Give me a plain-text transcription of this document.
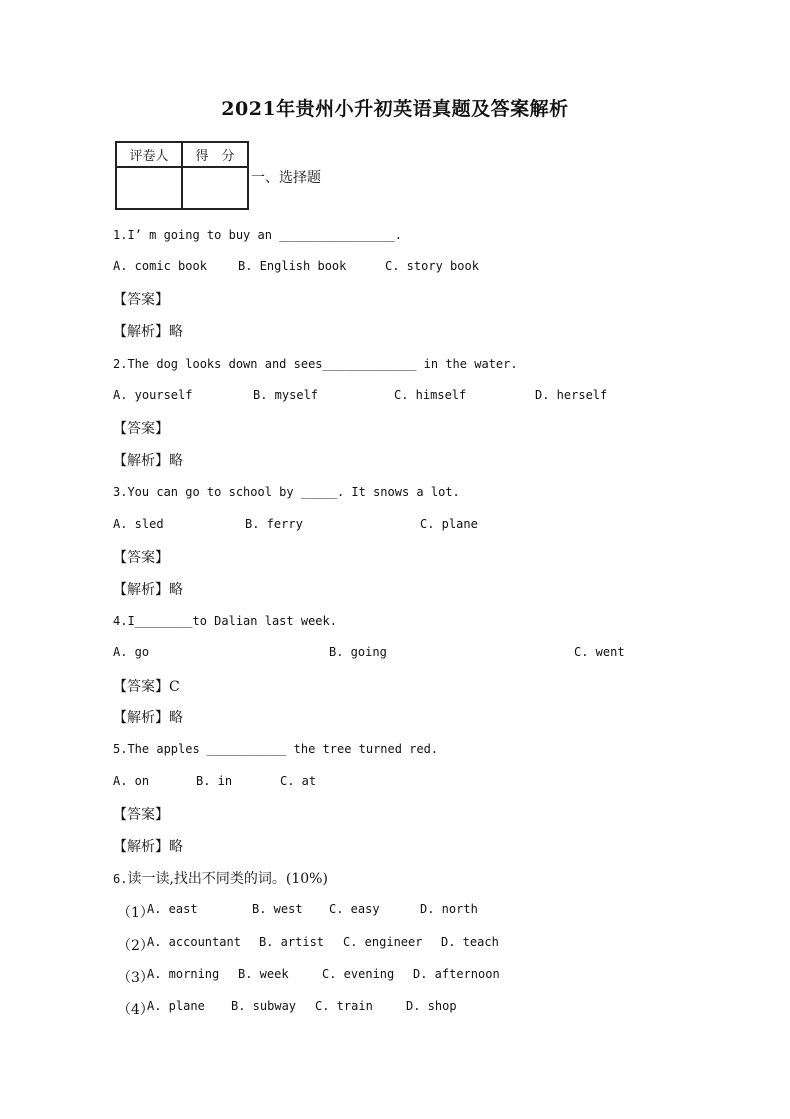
2021年贵州小升初英语真题及答案解析
评卷人	得　分

一、选择题
1.I’ m going to buy an ________________.
A. comic book	B. English book	C. story book
【答案】
【解析】略
2.The dog looks down and sees_____________ in the water.
A. yourself	B. myself	C. himself	D. herself
【答案】
【解析】略
3.You can go to school by _____. It snows a lot.
A. sled	B. ferry	C. plane
【答案】
【解析】略
4.I________to Dalian last week.
A. go	B. going	C. went
【答案】C
【解析】略
5.The apples ___________ the tree turned red.
A. on	B. in	C. at
【答案】
【解析】略
6.读一读,找出不同类的词。(10%)
（1）
A. east	B. west C. easy	D. north
（2）
A. accountant B. artist C. engineer D. teach
（3）
A. morning B. week	C. evening D. afternoon
（4）
A. plane B. subway C. train	D. shop
